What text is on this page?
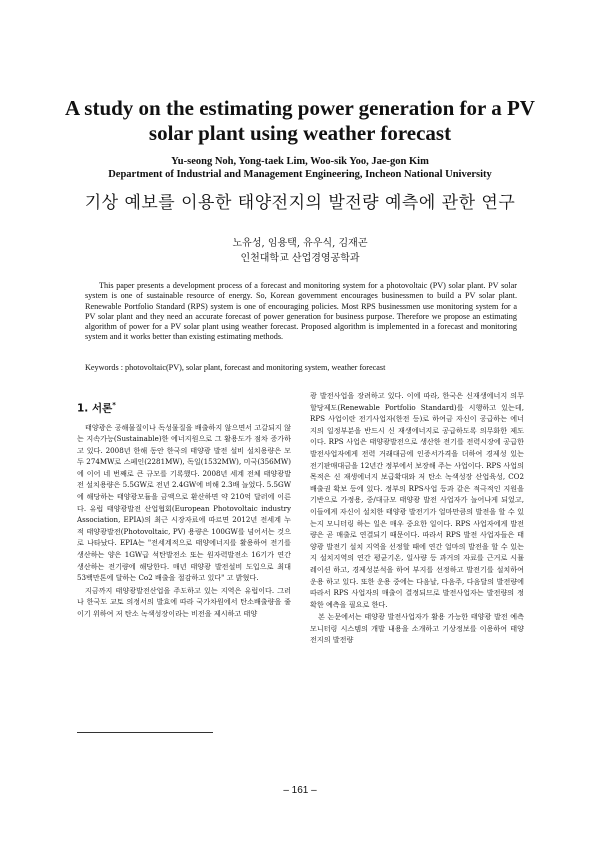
A study on the estimating power generation for a PV solar plant using weather forecast
Yu-seong Noh, Yong-taek Lim, Woo-sik Yoo, Jae-gon Kim
Department of Industrial and Management Engineering, Incheon National University
기상 예보를 이용한 태양전지의 발전량 예측에 관한 연구
노유성, 임용택, 유우식, 김재곤
인천대학교 산업경영공학과

This paper presents a development process of a forecast and monitoring system for a photovoltaic (PV) solar plant. PV solar system is one of sustainable resource of energy. So, Korean government encourages businessmen to build a PV solar plant. Renewable Portfolio Standard (RPS) system is one of encouraging policies. Most RPS businessmen use monitoring system for a PV solar plant and they need an accurate forecast of power generation for business purpose. Therefore we propose an estimating algorithm of power for a PV solar plant using weather forecast. Proposed algorithm is implemented in a forecast and monitoring system and it works better than existing estimating methods.

Keywords : photovoltaic(PV), solar plant, forecast and monitoring system, weather forecast
1. 서론*

태양광은 공해물질이나 독성물질을 배출하지 않으면서 고갈되지 않는 지속가능(Sustainable)한 에너지원으로 그 활용도가 점차 증가하고 있다. 2008년 한해 동안 한국의 태양광 발전 설비 설치용량은 모두 274MW로 스페인(2281MW), 독일(1532MW), 미국(356MW)에 이어 네 번째로 큰 규모를 기록했다. 2008년 세계 전체 태양광발전 설치용량은 5.5GW로 전년 2.4GW에 비해 2.3배 늘었다. 5.5GW에 해당하는 태양광모듈을 금액으로 환산하면 약 210억 달러에 이른다. 유럽 태양광발전 산업협회(European Photovoltaic industry Association, EPIA)의 최근 시장자료에 따르면 2012년 전세계 누적 태양광발전(Photovoltaic, PV) 용량은 100GW를 넘어서는 것으로 나타났다. EPIA는 "전세계적으로 태양에너지를 활용하여 전기를 생산하는 양은 1GW급 석탄발전소 또는 원자력발전소 16기가 연간 생산하는 전기량에 해당한다. 매년 태양광 발전설비 도입으로 최대 53백만톤에 달하는 Co2 배출을 절감하고 있다" 고 밝혔다.

지금까지 태양광발전산업을 주도하고 있는 지역은 유럽이다. 그러나 한국도 교토 의정서의 발효에 따라 국가차원에서 탄소배출량을 줄이기 위하여 저 탄소 녹색성장이라는 비전을 제시하고 태양

광 발전사업을 장려하고 있다. 이에 따라, 한국은 신재생에너지 의무할당제도(Renewable Portfolio Standard)를 시행하고 있는데, RPS 사업이란 전기사업자(한전 등)로 하여금 자신이 공급하는 에너지의 일정부분을 반드시 신 재생에너지로 공급하도록 의무화한 제도이다. RPS 사업은 태양광발전으로 생산한 전기를 전력시장에 공급한 발전사업자에게 전력 거래대금에 인증서가격을 더하여 경제성 있는 전기판매대금을 12년간 정부에서 보장해 주는 사업이다. RPS 사업의 목적은 신 재생에너지 보급확대와 저 탄소 녹색성장 산업육성, CO2 배출권 확보 등에 있다. 정부의 RPS사업 등과 같은 적극적인 지원을 기반으로 가정용, 중/대규모 태양광 발전 사업자가 늘어나게 되었고, 이들에게 자신이 설치한 태양광 발전기가 얼마만큼의 발전을 할 수 있는지 모니터링 하는 일은 매우 중요한 일이다. RPS 사업자에게 발전량은 곧 매출로 연결되기 때문이다. 따라서 RPS 발전 사업자들은 태양광 발전기 설치 지역을 선정할 때에 연간 얼마의 발전을 할 수 있는지 설치지역의 연간 평균기온, 일사량 등 과거의 자료를 근거로 시뮬레이션 하고, 경제성분석을 하여 부지를 선정하고 발전기를 설치하여 운용 하고 있다. 또한 운용 중에는 다음날, 다음주, 다음달의 발전량에 따라서 RPS 사업자의 매출이 결정되므로 발전사업자는 발전량의 정확한 예측을 필요로 한다.

본 논문에서는 태양광 발전사업자가 활용 가능한 태양광 발전 예측 모니터링 시스템의 개발 내용을 소개하고 기상정보를 이용하여 태양전지의 발전량

– 161 –
